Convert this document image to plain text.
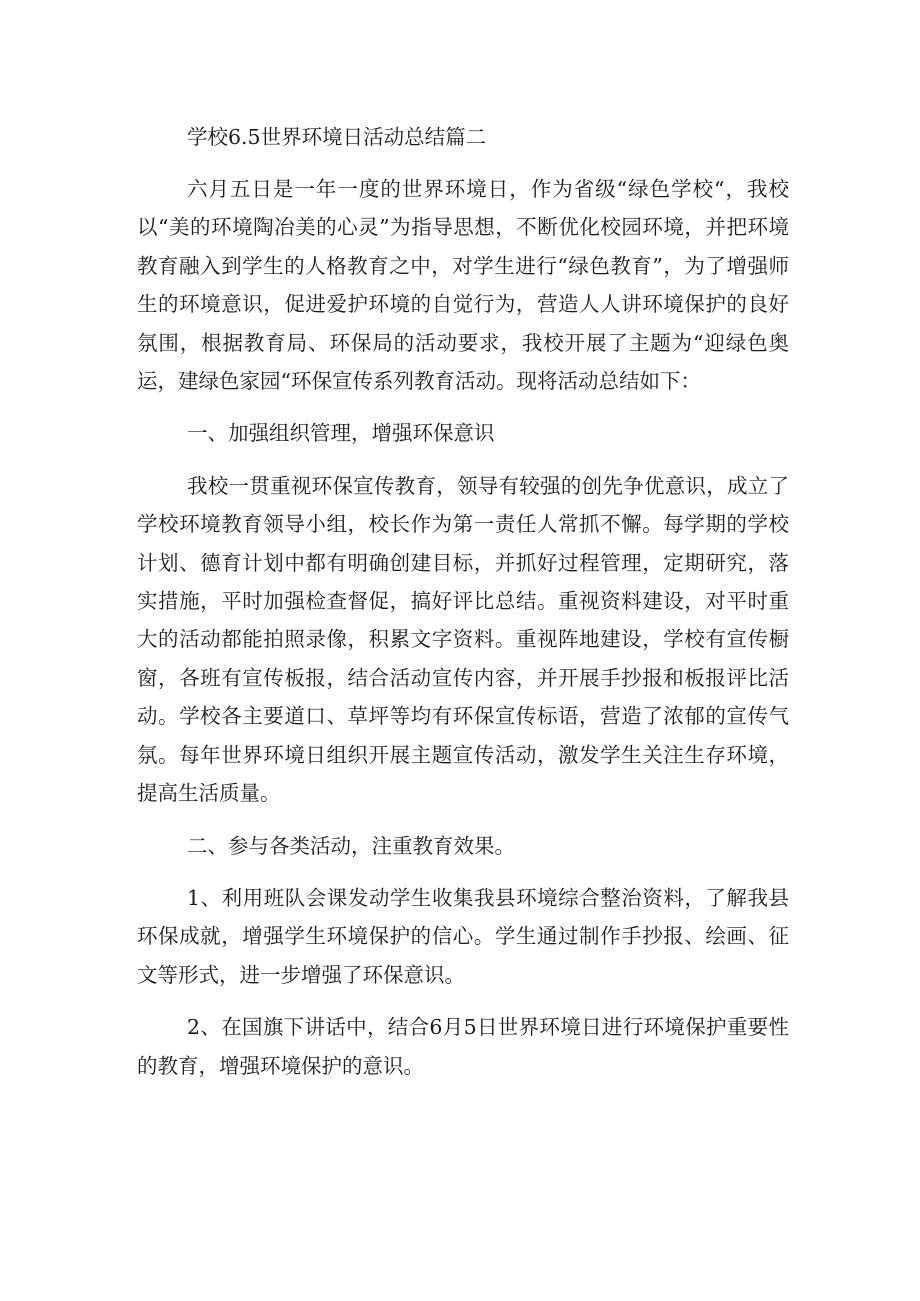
学校6.5世界环境日活动总结篇二

六月五日是一年一度的世界环境日，作为省级“绿色学校“，我校以“美的环境陶冶美的心灵”为指导思想，不断优化校园环境，并把环境教育融入到学生的人格教育之中，对学生进行“绿色教育”，为了增强师生的环境意识，促进爱护环境的自觉行为，营造人人讲环境保护的良好氛围，根据教育局、环保局的活动要求，我校开展了主题为“迎绿色奥运，建绿色家园“环保宣传系列教育活动。现将活动总结如下：

一、加强组织管理，增强环保意识

我校一贯重视环保宣传教育，领导有较强的创先争优意识，成立了学校环境教育领导小组，校长作为第一责任人常抓不懈。每学期的学校计划、德育计划中都有明确创建目标，并抓好过程管理，定期研究，落实措施，平时加强检查督促，搞好评比总结。重视资料建设，对平时重大的活动都能拍照录像，积累文字资料。重视阵地建设，学校有宣传橱窗，各班有宣传板报，结合活动宣传内容，并开展手抄报和板报评比活动。学校各主要道口、草坪等均有环保宣传标语，营造了浓郁的宣传气氛。每年世界环境日组织开展主题宣传活动，激发学生关注生存环境，提高生活质量。

二、参与各类活动，注重教育效果。

1、利用班队会课发动学生收集我县环境综合整治资料，了解我县环保成就，增强学生环境保护的信心。学生通过制作手抄报、绘画、征文等形式，进一步增强了环保意识。

2、在国旗下讲话中，结合6月5日世界环境日进行环境保护重要性的教育，增强环境保护的意识。
